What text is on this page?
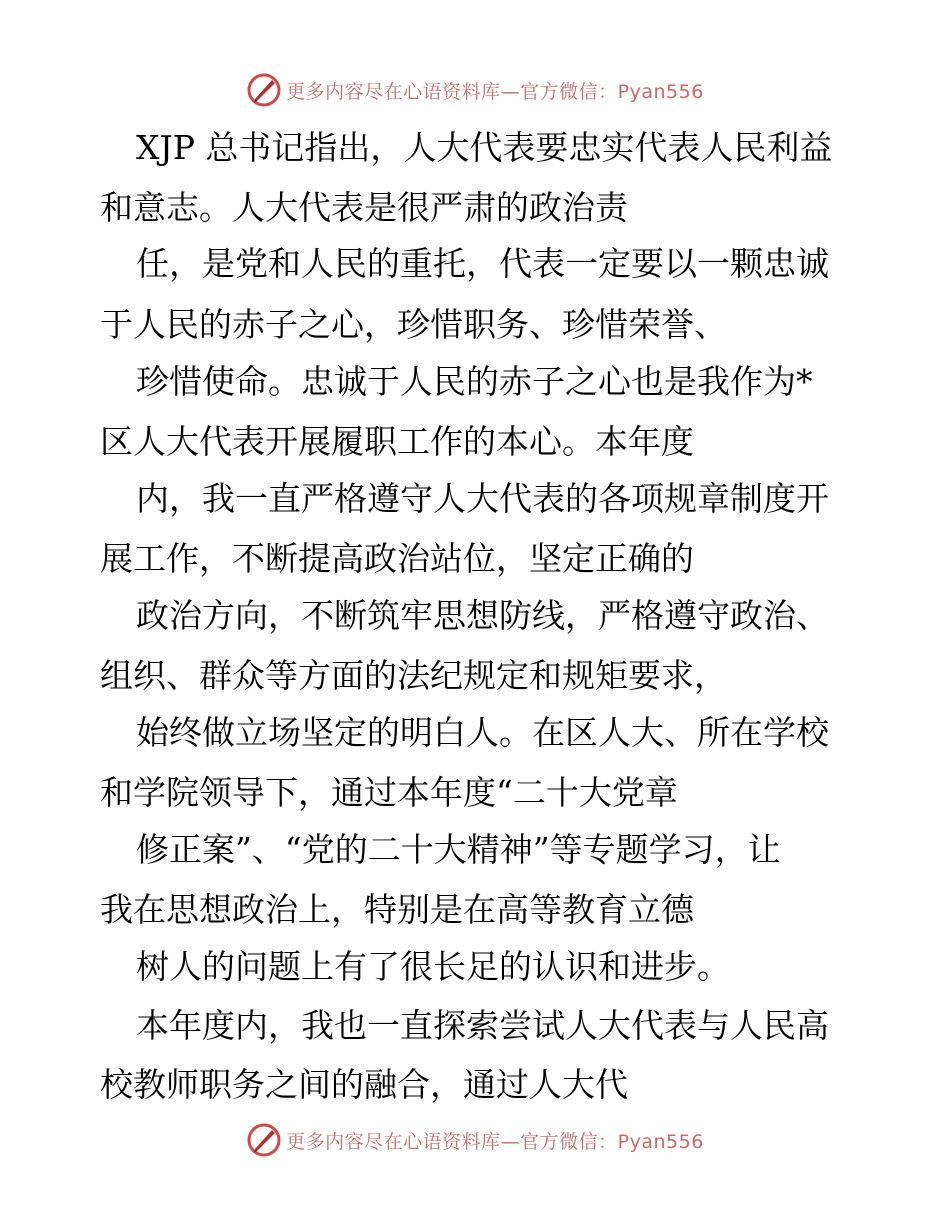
更多内容尽在心语资料库—官方微信：Pyan556
XJP 总书记指出，人大代表要忠实代表人民利益
和意志。人大代表是很严肃的政治责
任，是党和人民的重托，代表一定要以一颗忠诚
于人民的赤子之心，珍惜职务、珍惜荣誉、
珍惜使命。忠诚于人民的赤子之心也是我作为*
区人大代表开展履职工作的本心。本年度
内，我一直严格遵守人大代表的各项规章制度开
展工作，不断提高政治站位，坚定正确的
政治方向，不断筑牢思想防线，严格遵守政治、
组织、群众等方面的法纪规定和规矩要求，
始终做立场坚定的明白人。在区人大、所在学校
和学院领导下，通过本年度“二十大党章
修正案”、“党的二十大精神”等专题学习，让
我在思想政治上，特别是在高等教育立德
树人的问题上有了很长足的认识和进步。
本年度内，我也一直探索尝试人大代表与人民高
校教师职务之间的融合，通过人大代
更多内容尽在心语资料库—官方微信：Pyan556
